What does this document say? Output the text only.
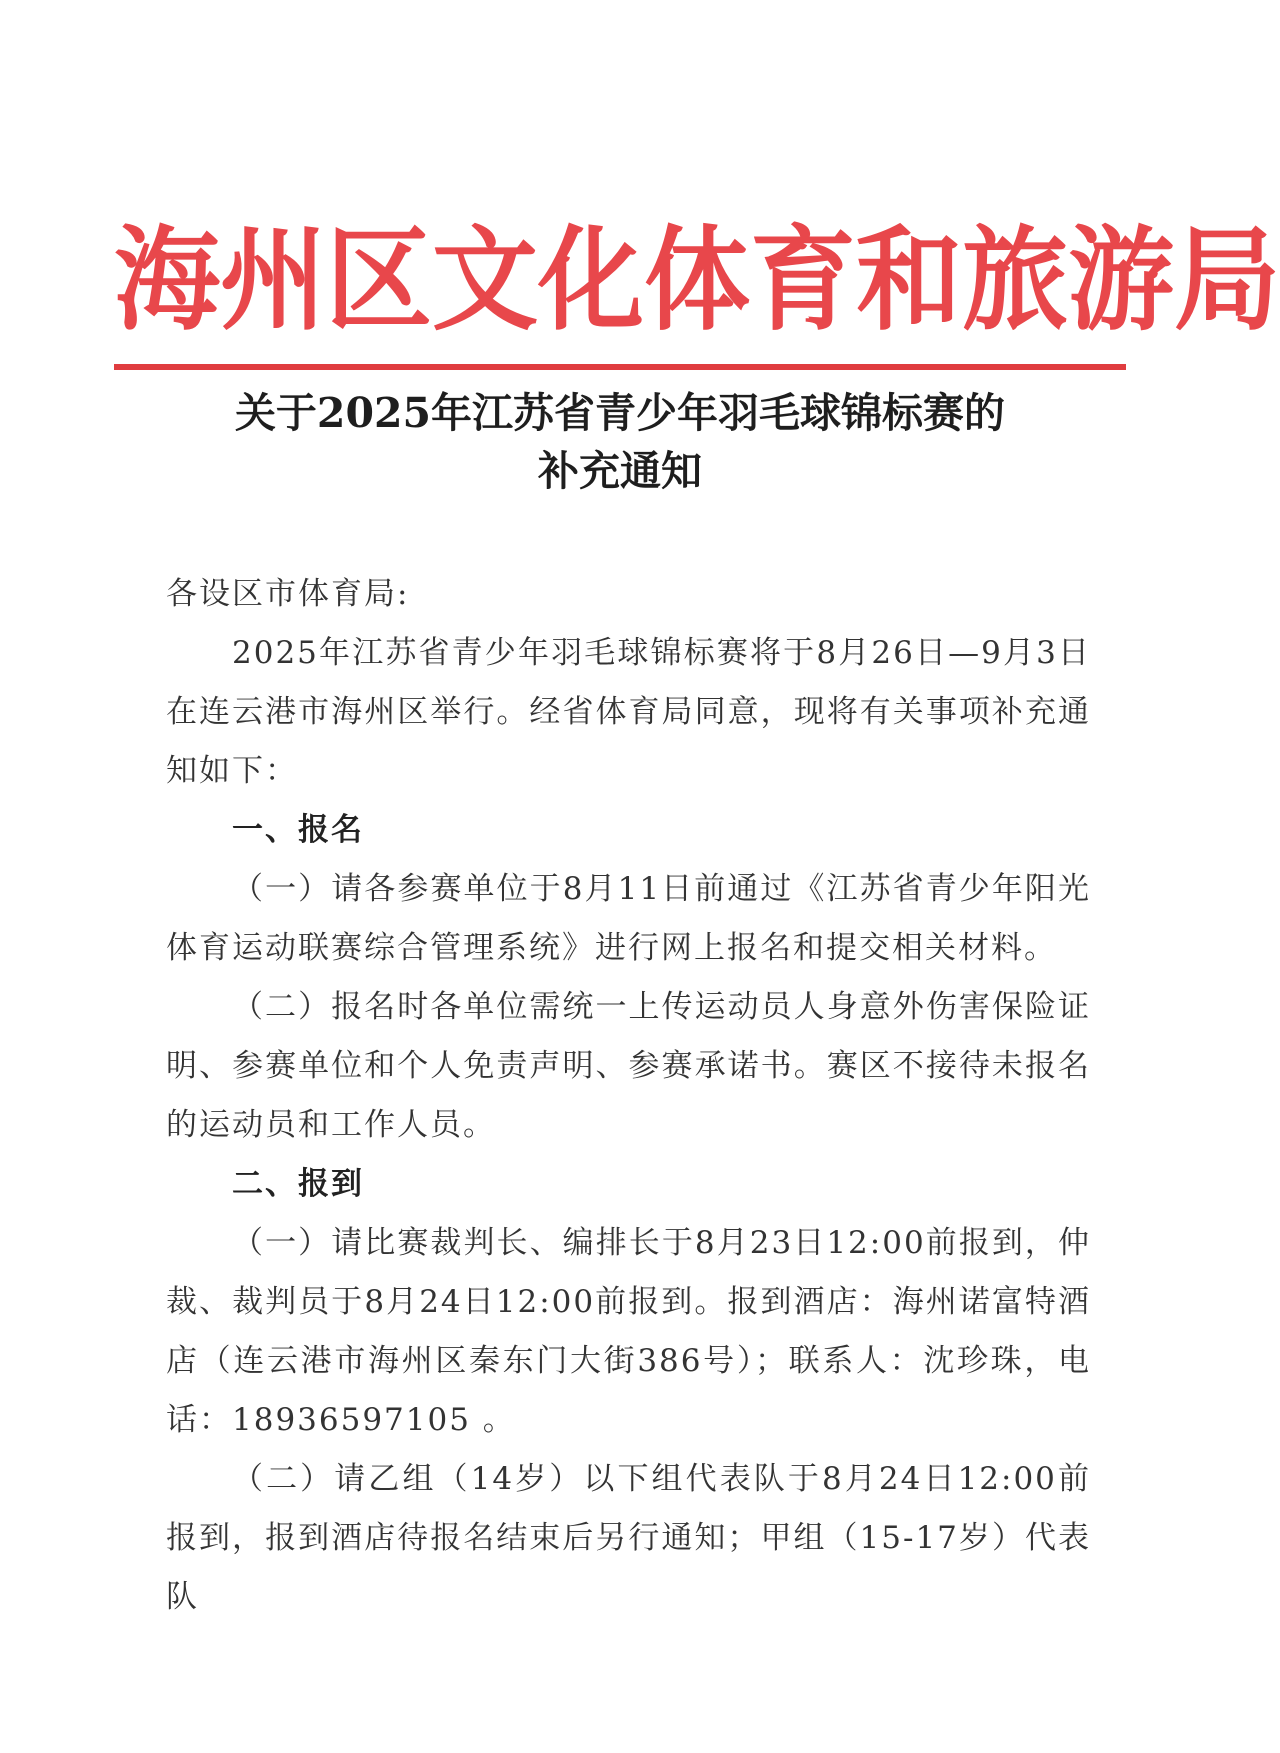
海 州 区 文 化 体 育 和 旅 游 局
关于2025年江苏省青少年羽毛球锦标赛的
补充通知

各设区市体育局:

2025年江苏省青少年羽毛球锦标赛将于8月26日—9月3日在连云港市海州区举行。经省体育局同意，现将有关事项补充通知如下：

一、报名

（一）请各参赛单位于8月11日前通过《江苏省青少年阳光体育运动联赛综合管理系统》进行网上报名和提交相关材料。

（二）报名时各单位需统一上传运动员人身意外伤害保险证明、参赛单位和个人免责声明、参赛承诺书。赛区不接待未报名的运动员和工作人员。

二、报到

（一）请比赛裁判长、编排长于8月23日12:00前报到，仲裁、裁判员于8月24日12:00前报到。报到酒店：海州诺富特酒店（连云港市海州区秦东门大街386号）；联系人：沈珍珠，电话：18936597105 。

（二）请乙组（14岁）以下组代表队于8月24日12:00前报到，报到酒店待报名结束后另行通知；甲组（15-17岁）代表队
